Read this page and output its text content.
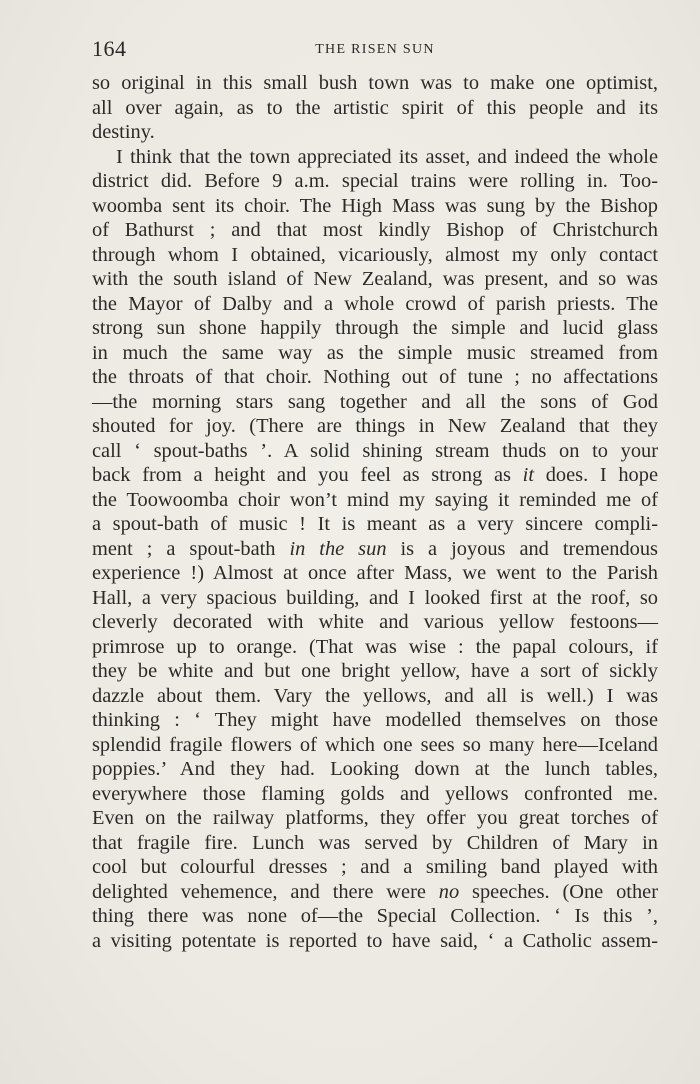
164	THE RISEN SUN
so original in this small bush town was to make one optimist,
all over again, as to the artistic spirit of this people and its
destiny.
I think that the town appreciated its asset, and indeed the whole
district did. Before 9 a.m. special trains were rolling in. Too-
woomba sent its choir. The High Mass was sung by the Bishop
of Bathurst ; and that most kindly Bishop of Christchurch
through whom I obtained, vicariously, almost my only contact
with the south island of New Zealand, was present, and so was
the Mayor of Dalby and a whole crowd of parish priests. The
strong sun shone happily through the simple and lucid glass
in much the same way as the simple music streamed from
the throats of that choir. Nothing out of tune ; no affectations
—the morning stars sang together and all the sons of God
shouted for joy. (There are things in New Zealand that they
call ‘ spout-baths ’. A solid shining stream thuds on to your
back from a height and you feel as strong as it does. I hope
the Toowoomba choir won’t mind my saying it reminded me of
a spout-bath of music ! It is meant as a very sincere compli-
ment ; a spout-bath in the sun is a joyous and tremendous
experience !) Almost at once after Mass, we went to the Parish
Hall, a very spacious building, and I looked first at the roof, so
cleverly decorated with white and various yellow festoons—
primrose up to orange. (That was wise : the papal colours, if
they be white and but one bright yellow, have a sort of sickly
dazzle about them. Vary the yellows, and all is well.) I was
thinking : ‘ They might have modelled themselves on those
splendid fragile flowers of which one sees so many here—Iceland
poppies.’ And they had. Looking down at the lunch tables,
everywhere those flaming golds and yellows confronted me.
Even on the railway platforms, they offer you great torches of
that fragile fire. Lunch was served by Children of Mary in
cool but colourful dresses ; and a smiling band played with
delighted vehemence, and there were no speeches. (One other
thing there was none of—the Special Collection. ‘ Is this ’,
a visiting potentate is reported to have said, ‘ a Catholic assem-
